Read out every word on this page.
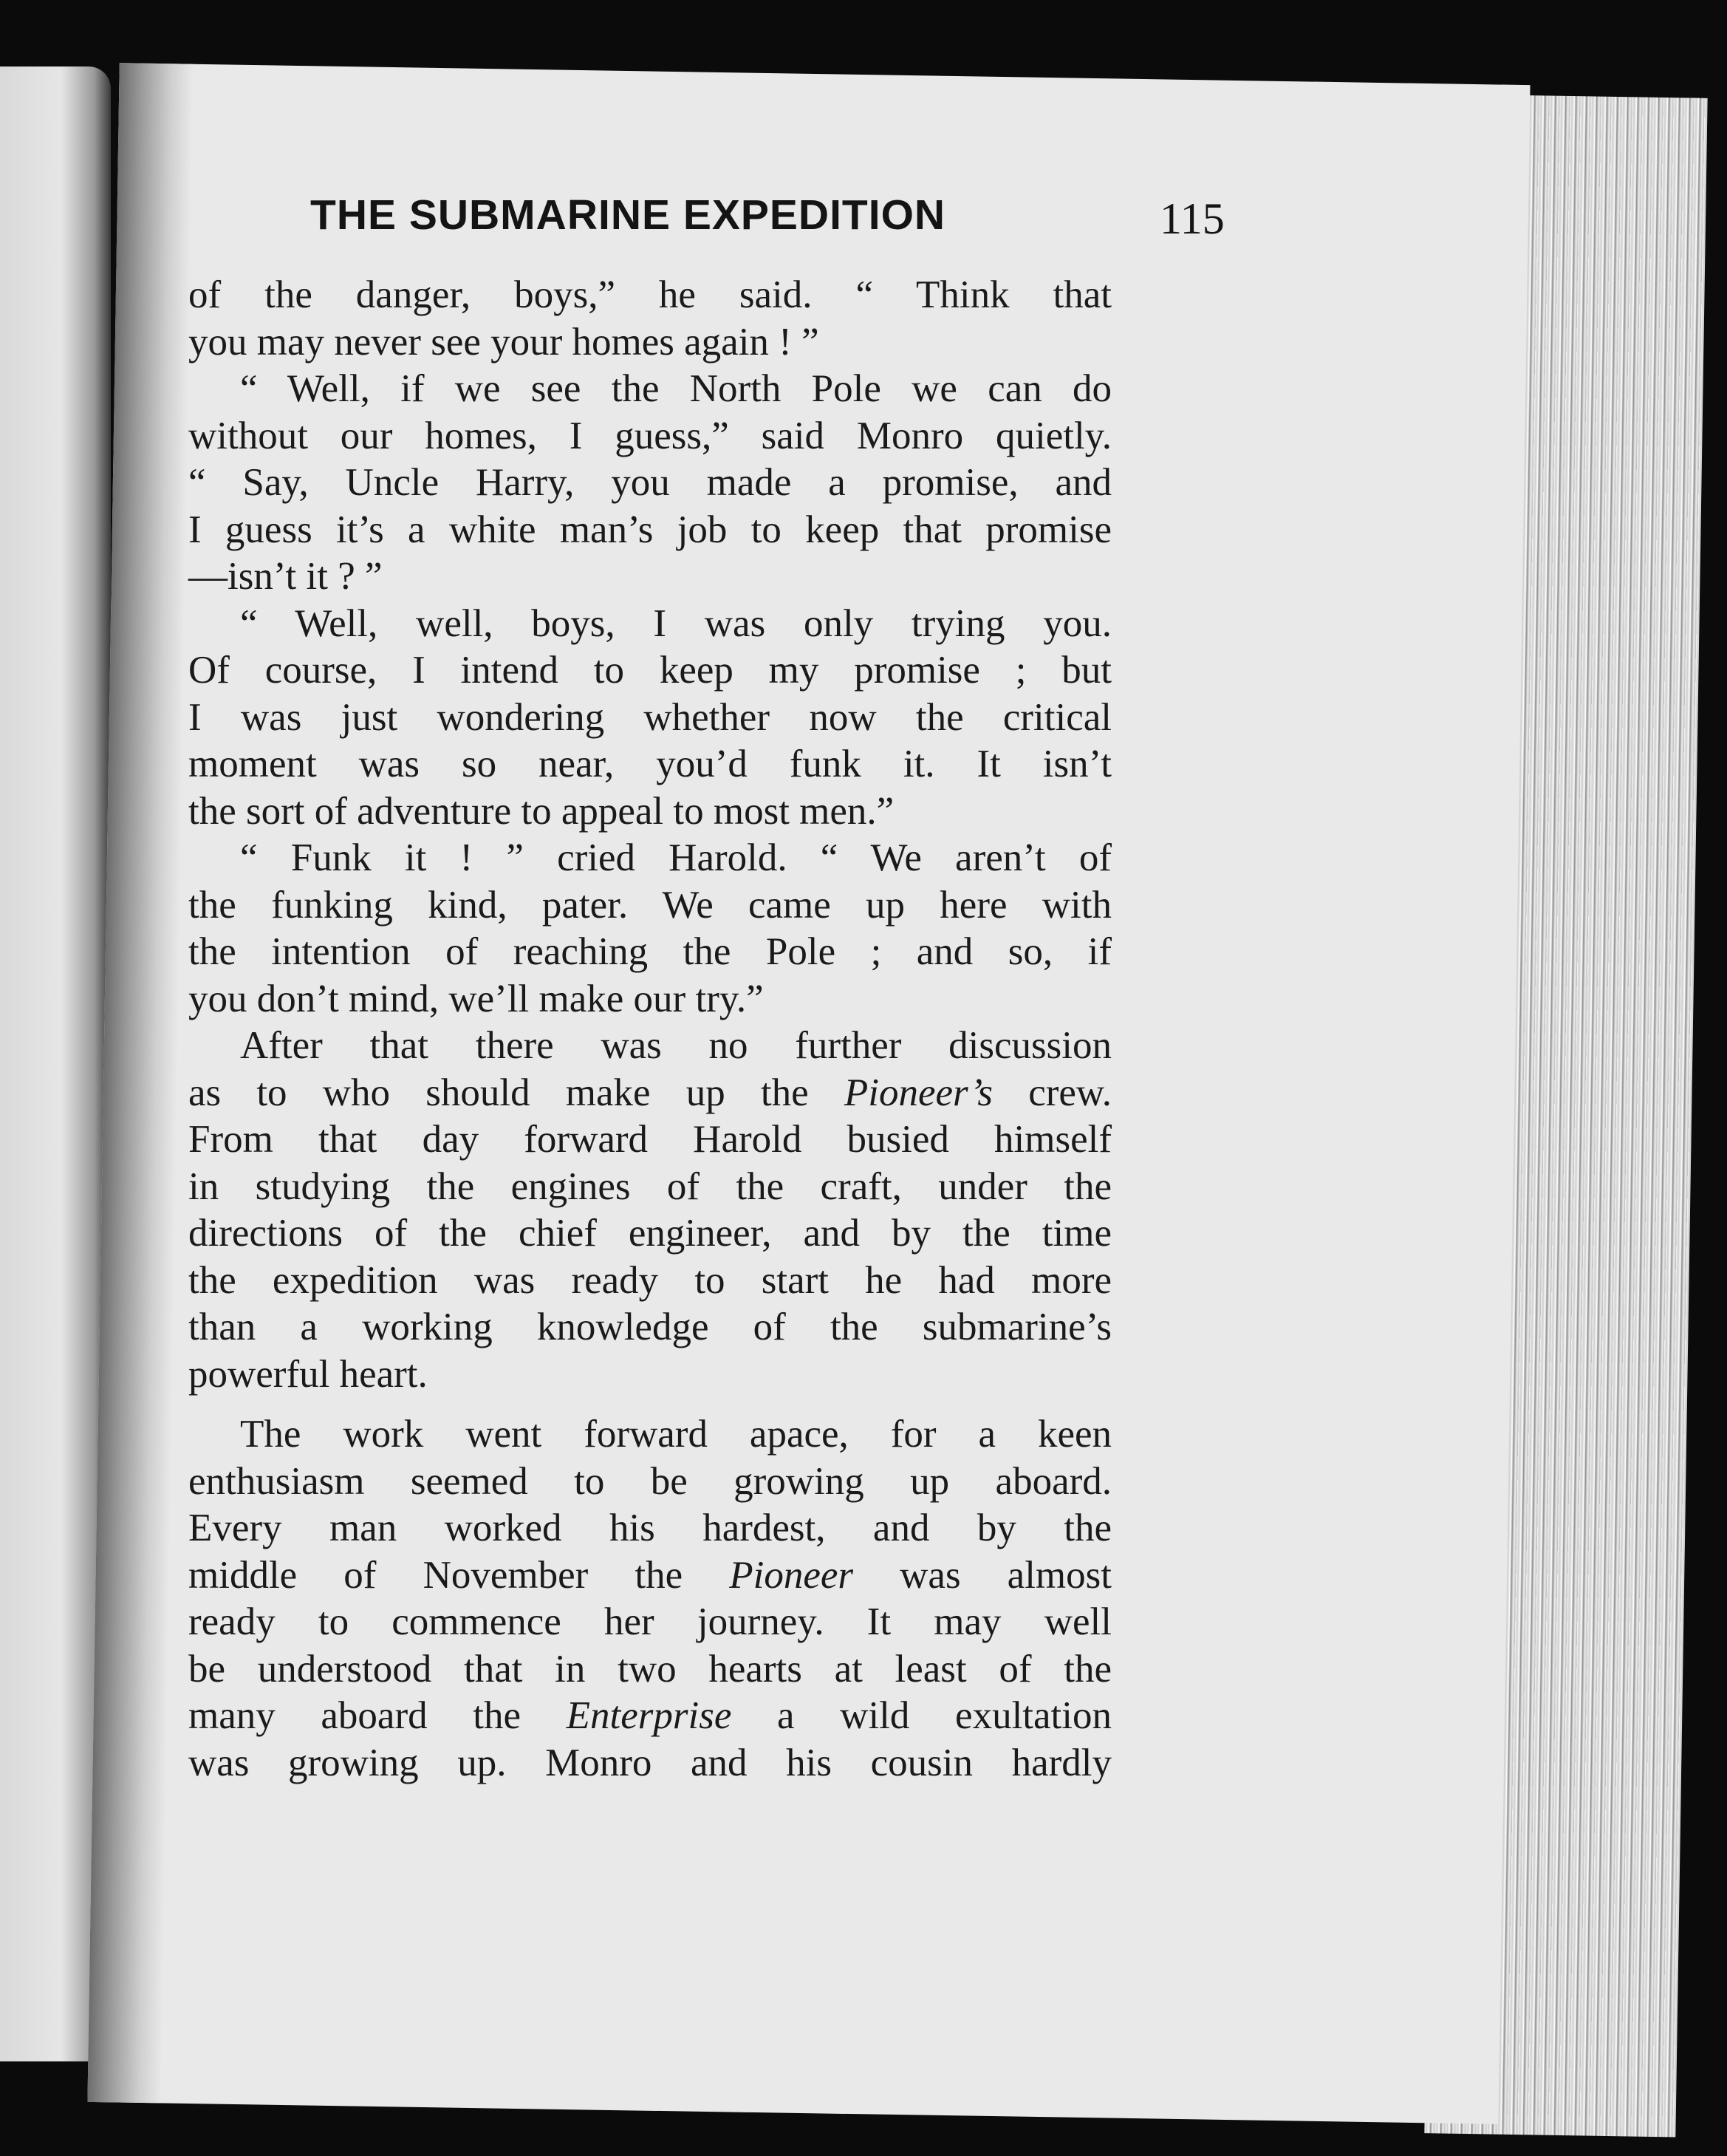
THE SUBMARINE EXPEDITION	115
of the danger, boys,” he said. “ Think that
you may never see your homes again ! ”
“ Well, if we see the North Pole we can do
without our homes, I guess,” said Monro quietly.
“ Say, Uncle Harry, you made a promise, and
I guess it’s a white man’s job to keep that promise
—isn’t it ? ”
“ Well, well, boys, I was only trying you.
Of course, I intend to keep my promise ; but
I was just wondering whether now the critical
moment was so near, you’d funk it. It isn’t
the sort of adventure to appeal to most men.”
“ Funk it ! ” cried Harold. “ We aren’t of
the funking kind, pater. We came up here with
the intention of reaching the Pole ; and so, if
you don’t mind, we’ll make our try.”
After that there was no further discussion
as to who should make up the Pioneer’s crew.
From that day forward Harold busied himself
in studying the engines of the craft, under the
directions of the chief engineer, and by the time
the expedition was ready to start he had more
than a working knowledge of the submarine’s
powerful heart.
The work went forward apace, for a keen
enthusiasm seemed to be growing up aboard.
Every man worked his hardest, and by the
middle of November the Pioneer was almost
ready to commence her journey. It may well
be understood that in two hearts at least of the
many aboard the Enterprise a wild exultation
was growing up. Monro and his cousin hardly
